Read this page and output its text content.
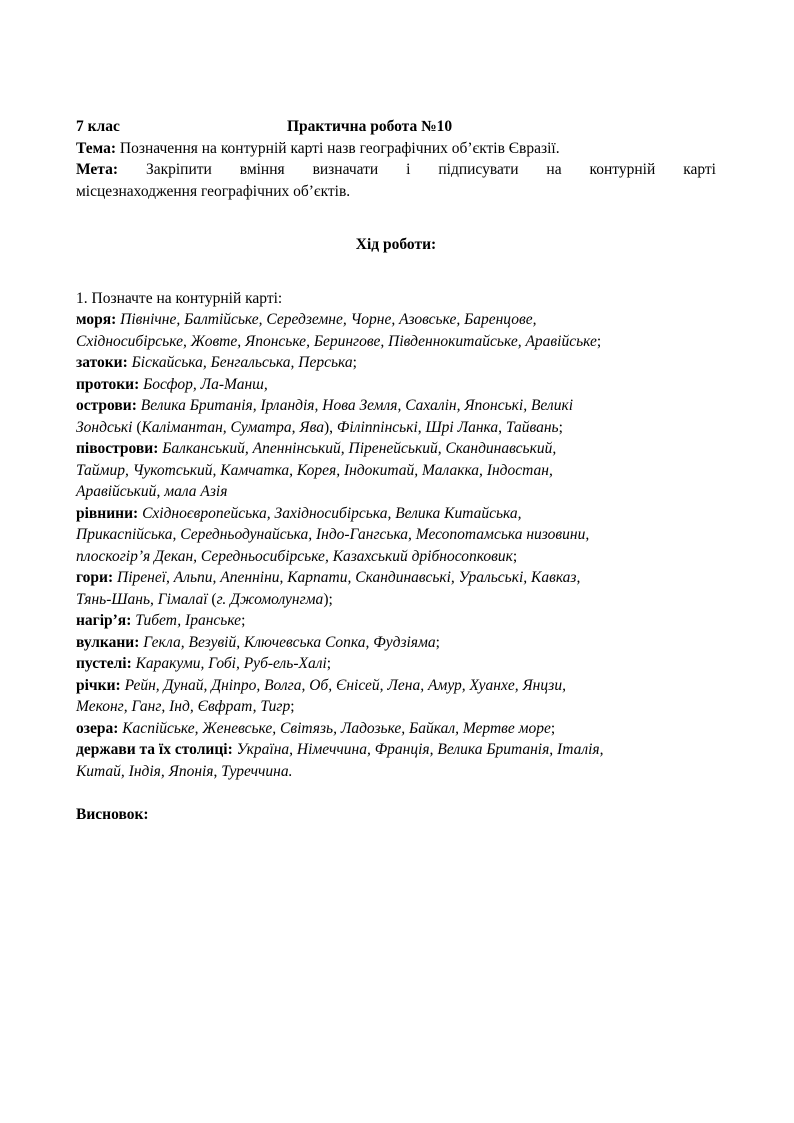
7 клас	Практична робота №10
Тема: Позначення на контурній карті назв географічних об’єктів Євразії.
Мета: Закріпити вміння визначати і підписувати на контурній карті
місцезнаходження географічних об’єктів.
Хід роботи:
1. Позначте на контурній карті:
моря: Північне, Балтійське, Середземне, Чорне, Азовське, Баренцове,
Східносибірське, Жовте, Японське, Берингове, Південнокитайське, Аравійське;
затоки: Біскайська, Бенгальська, Перська;
протоки: Босфор, Ла-Манш,
острови: Велика Британія, Ірландія, Нова Земля, Сахалін, Японські, Великі
Зондські (Калімантан, Суматра, Ява), Філіппінські, Шрі Ланка, Тайвань;
півострови: Балканський, Апеннінський, Піренейський, Скандинавський,
Таймир, Чукотський, Камчатка, Корея, Індокитай, Малакка, Індостан,
Аравійський, мала Азія
рівнини: Східноєвропейська, Західносибірська, Велика Китайська,
Прикаспійська, Середньодунайська, Індо-Гангська, Месопотамська низовини,
плоскогір’я Декан, Середньосибірське, Казахський дрібносопковик;
гори: Піренеї, Альпи, Апенніни, Карпати, Скандинавські, Уральські, Кавказ,
Тянь-Шань, Гімалаї (г. Джомолунгма);
нагір’я: Тибет, Іранське;
вулкани: Гекла, Везувій, Ключевська Сопка, Фудзіяма;
пустелі: Каракуми, Гобі, Руб-ель-Халі;
річки: Рейн, Дунай, Дніпро, Волга, Об, Єнісей, Лена, Амур, Хуанхе, Янцзи,
Меконг, Ганг, Інд, Євфрат, Тигр;
озера: Каспійське, Женевське, Світязь, Ладозьке, Байкал, Мертве море;
держави та їх столиці: Україна, Німеччина, Франція, Велика Британія, Італія,
Китай, Індія, Японія, Туреччина.
Висновок:
